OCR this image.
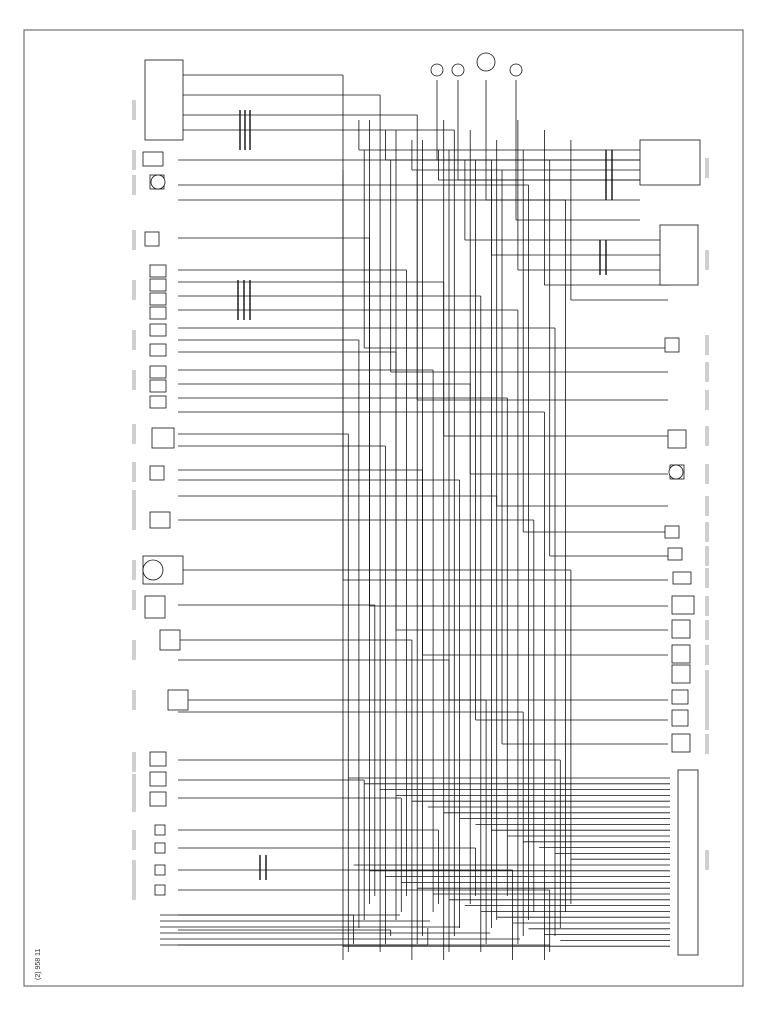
(2) 958 11
